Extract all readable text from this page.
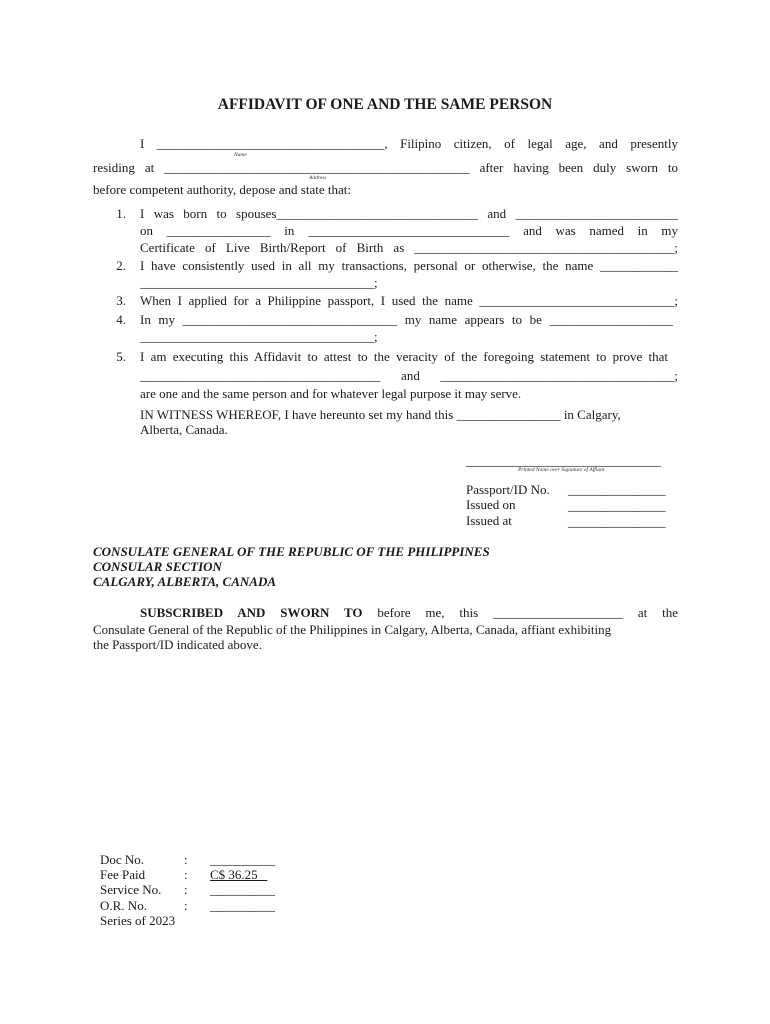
AFFIDAVIT OF ONE AND THE SAME PERSON
I ___________________________________, Filipino citizen, of legal age, and presently
Name
residing at _______________________________________________ after having been duly sworn to
Address
before competent authority, depose and state that:
1. I was born to spouses_______________________________ and _________________________
on  ________________  in  _______________________________  and  was  named  in  my
Certificate of Live Birth/Report of Birth as ________________________________________;
2. I have consistently used in all my transactions, personal or otherwise, the name ____________
____________________________________;
3. When I applied for a Philippine passport, I used the name ______________________________;
4. In my _________________________________ my name appears to be ___________________
____________________________________;
5. I am executing this Affidavit to attest to the veracity of the foregoing statement to prove that
_____________________________________ and ____________________________________;
are one and the same person and for whatever legal purpose it may serve.
IN WITNESS WHEREOF, I have hereunto set my hand this ________________ in Calgary,
Alberta, Canada.
______________________________
Printed Name over Signature of Affiant
Passport/ID No. _______________
Issued on	_______________
Issued at	_______________
CONSULATE GENERAL OF THE REPUBLIC OF THE PHILIPPINES
CONSULAR SECTION
CALGARY, ALBERTA, CANADA
SUBSCRIBED AND SWORN TO before me, this ____________________ at the
Consulate General of the Republic of the Philippines in Calgary, Alberta, Canada, affiant exhibiting
the Passport/ID indicated above.
Doc No.	: __________
Fee Paid	: C$ 36.25
Service No. : __________
O.R. No.	: __________
Series of 2023
